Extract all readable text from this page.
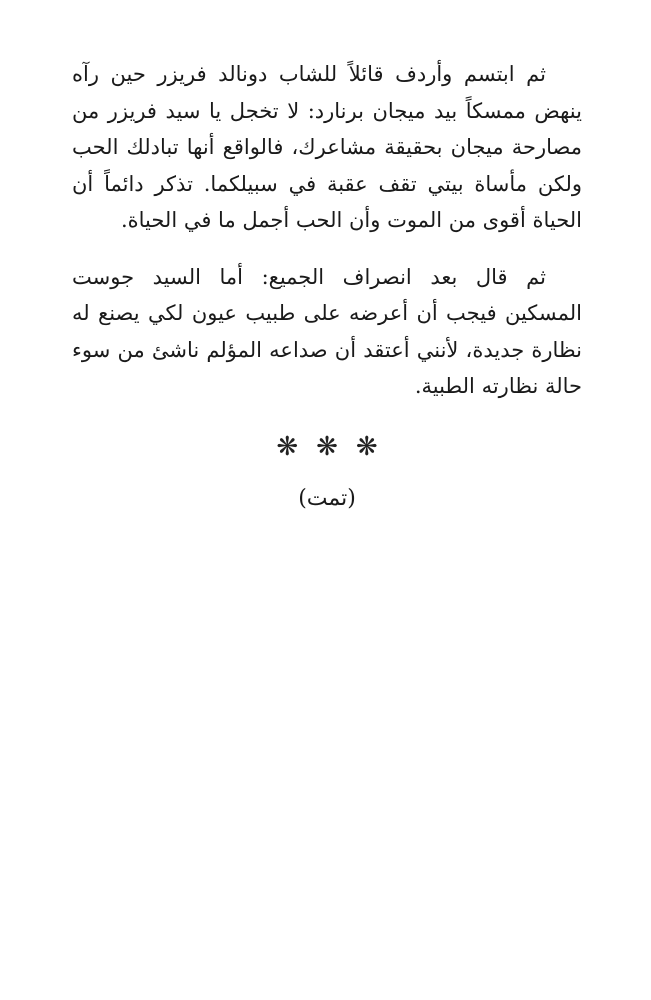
ثم ابتسم وأردف قائلاً للشاب دونالد فريزر حين رآه ينهض ممسكاً بيد ميجان برنارد: لا تخجل يا سيد فريزر من مصارحة ميجان بحقيقة مشاعرك، فالواقع أنها تبادلك الحب ولكن مأساة بيتي تقف عقبة في سبيلكما. تذكر دائماً أن الحياة أقوى من الموت وأن الحب أجمل ما في الحياة.

ثم قال بعد انصراف الجميع: أما السيد جوست المسكين فيجب أن أعرضه على طبيب عيون لكي يصنع له نظارة جديدة، لأنني أعتقد أن صداعه المؤلم ناشئ من سوء حالة نظارته الطبية.

❋❋❋
(تمت)
